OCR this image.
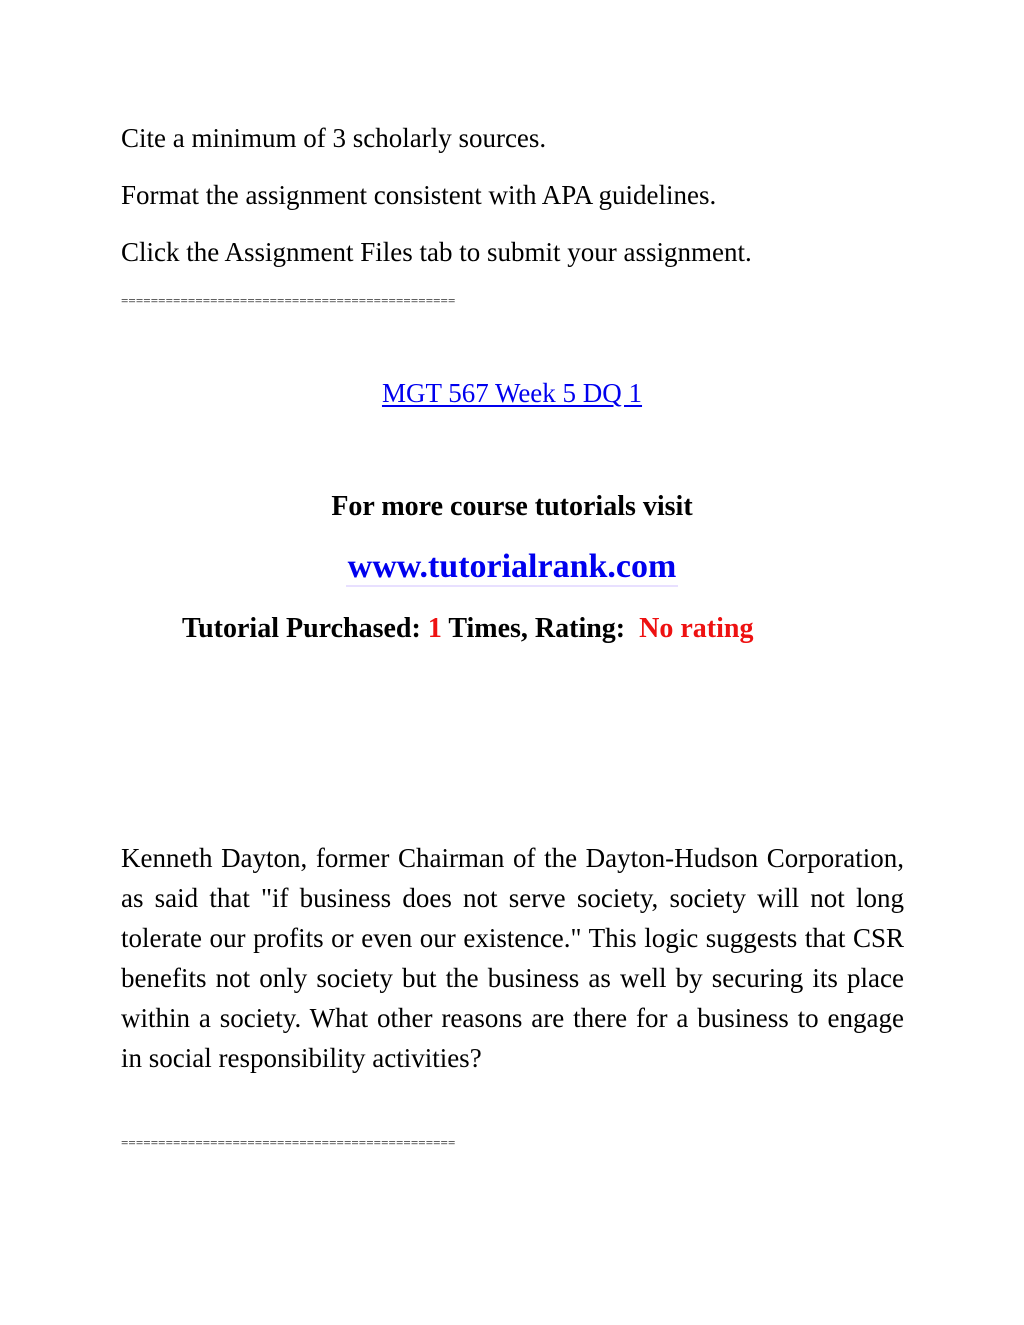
Cite a minimum of 3 scholarly sources.
Format the assignment consistent with APA guidelines.
Click the Assignment Files tab to submit your assignment.
=============================================
MGT 567 Week 5 DQ 1
For more course tutorials visit
www.tutorialrank.com
Tutorial Purchased: 1 Times, Rating: No rating
Kenneth Dayton, former Chairman of the Dayton-Hudson Corporation, as said that "if business does not serve society, society will not long tolerate our profits or even our existence." This logic suggests that CSR benefits not only society but the business as well by securing its place within a society. What other reasons are there for a business to engage in social responsibility activities?
=============================================
